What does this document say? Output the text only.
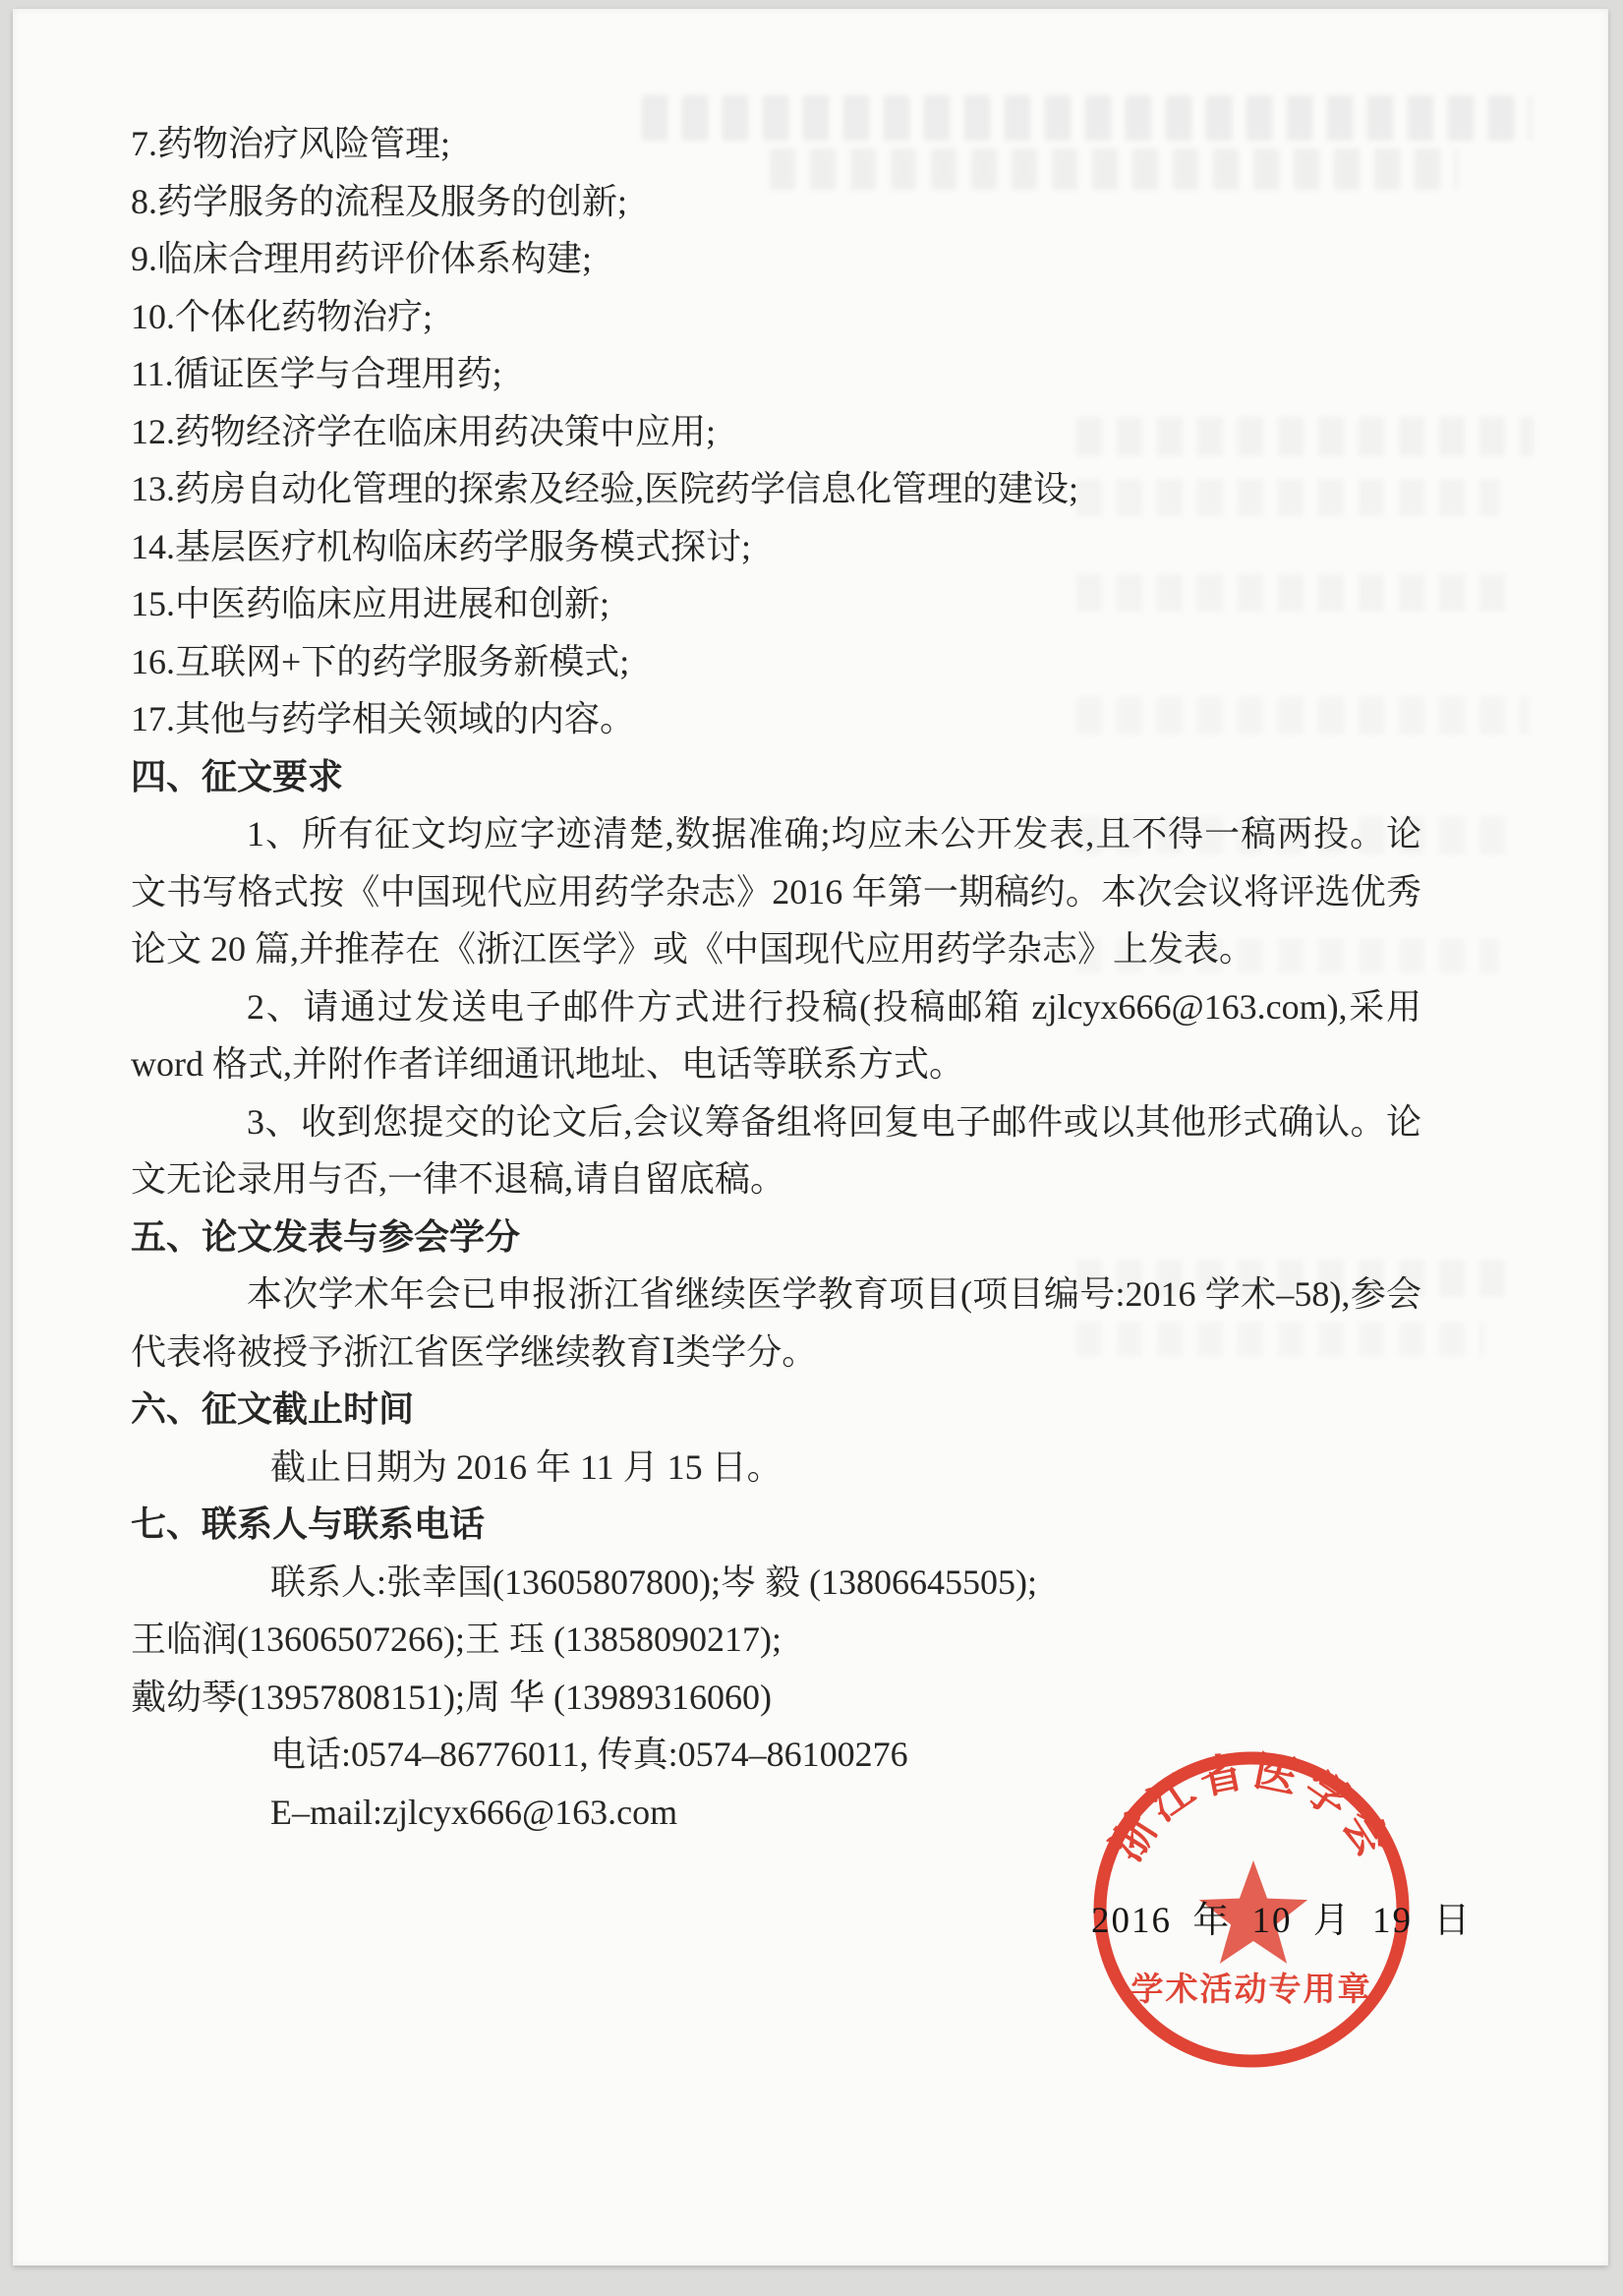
7.药物治疗风险管理;

8.药学服务的流程及服务的创新;

9.临床合理用药评价体系构建;

10.个体化药物治疗;

11.循证医学与合理用药;

12.药物经济学在临床用药决策中应用;

13.药房自动化管理的探索及经验,医院药学信息化管理的建设;

14.基层医疗机构临床药学服务模式探讨;

15.中医药临床应用进展和创新;

16.互联网+下的药学服务新模式;

17.其他与药学相关领域的内容。

四、征文要求

1、所有征文均应字迹清楚,数据准确;均应未公开发表,且不得一稿两投。论文书写格式按《中国现代应用药学杂志》2016 年第一期稿约。本次会议将评选优秀论文 20 篇,并推荐在《浙江医学》或《中国现代应用药学杂志》上发表。

2、请通过发送电子邮件方式进行投稿(投稿邮箱 zjlcyx666@163.com),采用 word 格式,并附作者详细通讯地址、电话等联系方式。

3、收到您提交的论文后,会议筹备组将回复电子邮件或以其他形式确认。论文无论录用与否,一律不退稿,请自留底稿。

五、论文发表与参会学分

本次学术年会已申报浙江省继续医学教育项目(项目编号:2016 学术–58),参会代表将被授予浙江省医学继续教育Ⅰ类学分。

六、征文截止时间

截止日期为 2016 年 11 月 15 日。

七、联系人与联系电话

联系人:张幸国(13605807800);岑 毅 (13806645505);

王临润(13606507266);王 珏 (13858090217);

戴幼琴(13957808151);周 华 (13989316060)

电话:0574–86776011, 传真:0574–86100276

E–mail:zjlcyx666@163.com	浙江省医学会
学术活动专用章
2016 年 10 月 19 日
